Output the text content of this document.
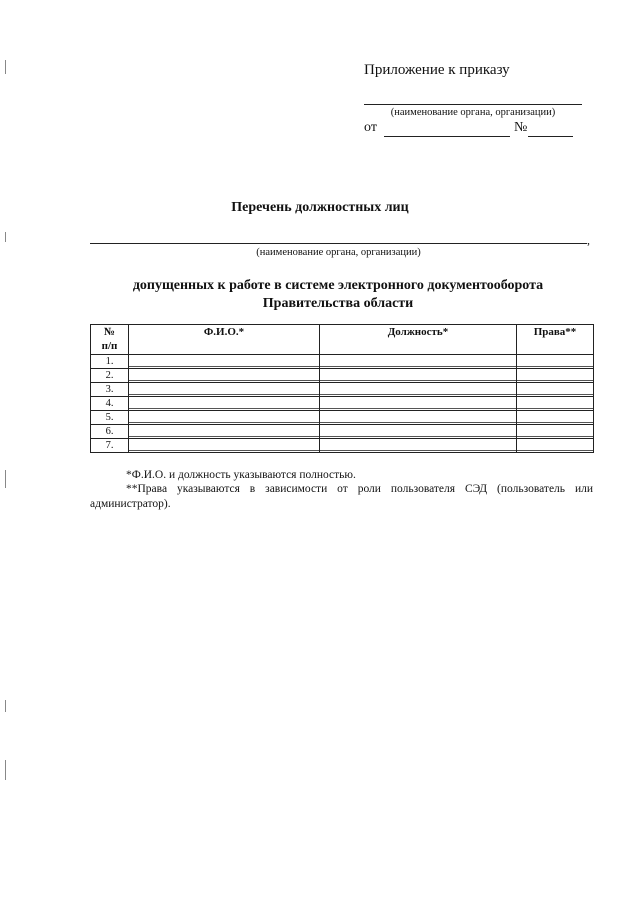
Приложение к приказу
(наименование органа, организации)
от	№
Перечень должностных лиц
,
(наименование органа, организации)
допущенных к работе в системе электронного документооборота
Правительства области
№
п/п	Ф.И.О.*	Должность*	Права**
1.			
2.			
3.			
4.			
5.			
6.			
7.			
*Ф.И.О. и должность указываются полностью.
**Права указываются в зависимости от роли пользователя СЭД (пользователь или администратор).
